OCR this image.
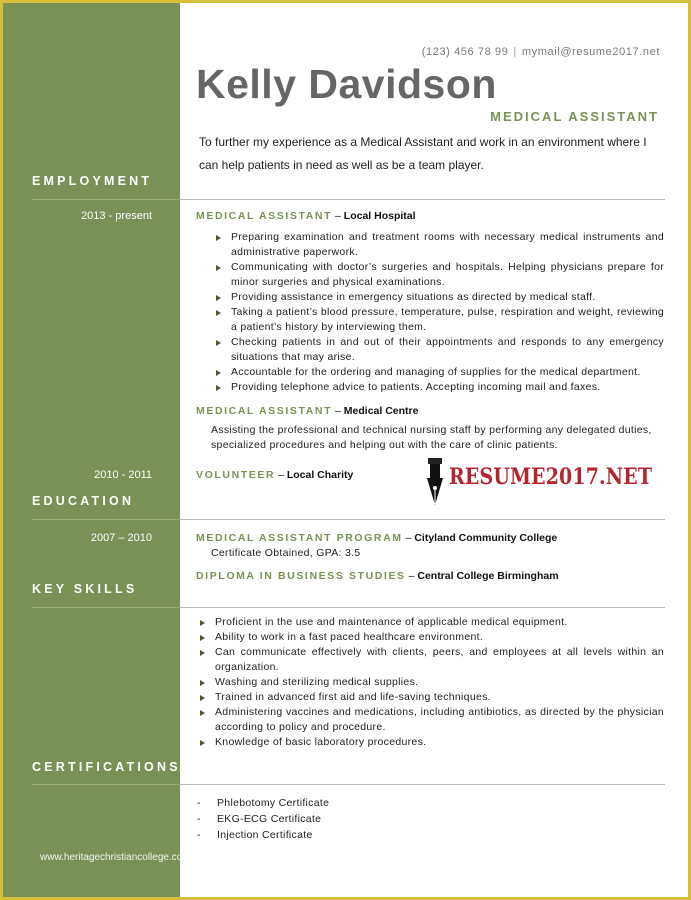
(123) 456 78 99 | mymail@resume2017.net
Kelly Davidson
MEDICAL ASSISTANT
To further my experience as a Medical Assistant and work in an environment where I can help patients in need as well as be a team player.
EMPLOYMENT
2013 - present	MEDICAL ASSISTANT – Local Hospital
Preparing examination and treatment rooms with necessary medical instruments and administrative paperwork.
Communicating with doctor’s surgeries and hospitals. Helping physicians prepare for minor surgeries and physical examinations.
Providing assistance in emergency situations as directed by medical staff.
Taking a patient’s blood pressure, temperature, pulse, respiration and weight, reviewing a patient’s history by interviewing them.
Checking patients in and out of their appointments and responds to any emergency situations that may arise.
Accountable for the ordering and managing of supplies for the medical department.
Providing telephone advice to patients. Accepting incoming mail and faxes.
MEDICAL ASSISTANT – Medical Centre
Assisting the professional and technical nursing staff by performing any delegated duties, specialized procedures and helping out with the care of clinic patients.
2010 - 2011	VOLUNTEER – Local Charity	RESUME2017.NET
EDUCATION
2007 – 2010	MEDICAL ASSISTANT PROGRAM – Cityland Community College
Certificate Obtained, GPA: 3.5
DIPLOMA IN BUSINESS STUDIES – Central College Birmingham
KEY SKILLS
Proficient in the use and maintenance of applicable medical equipment.
Ability to work in a fast paced healthcare environment.
Can communicate effectively with clients, peers, and employees at all levels within an organization.
Washing and sterilizing medical supplies.
Trained in advanced first aid and life-saving techniques.
Administering vaccines and medications, including antibiotics, as directed by the physician according to policy and procedure.
Knowledge of basic laboratory procedures.
CERTIFICATIONS
- Phlebotomy Certificate
- EKG-ECG Certificate
- Injection Certificate
www.heritagechristiancollege.com
